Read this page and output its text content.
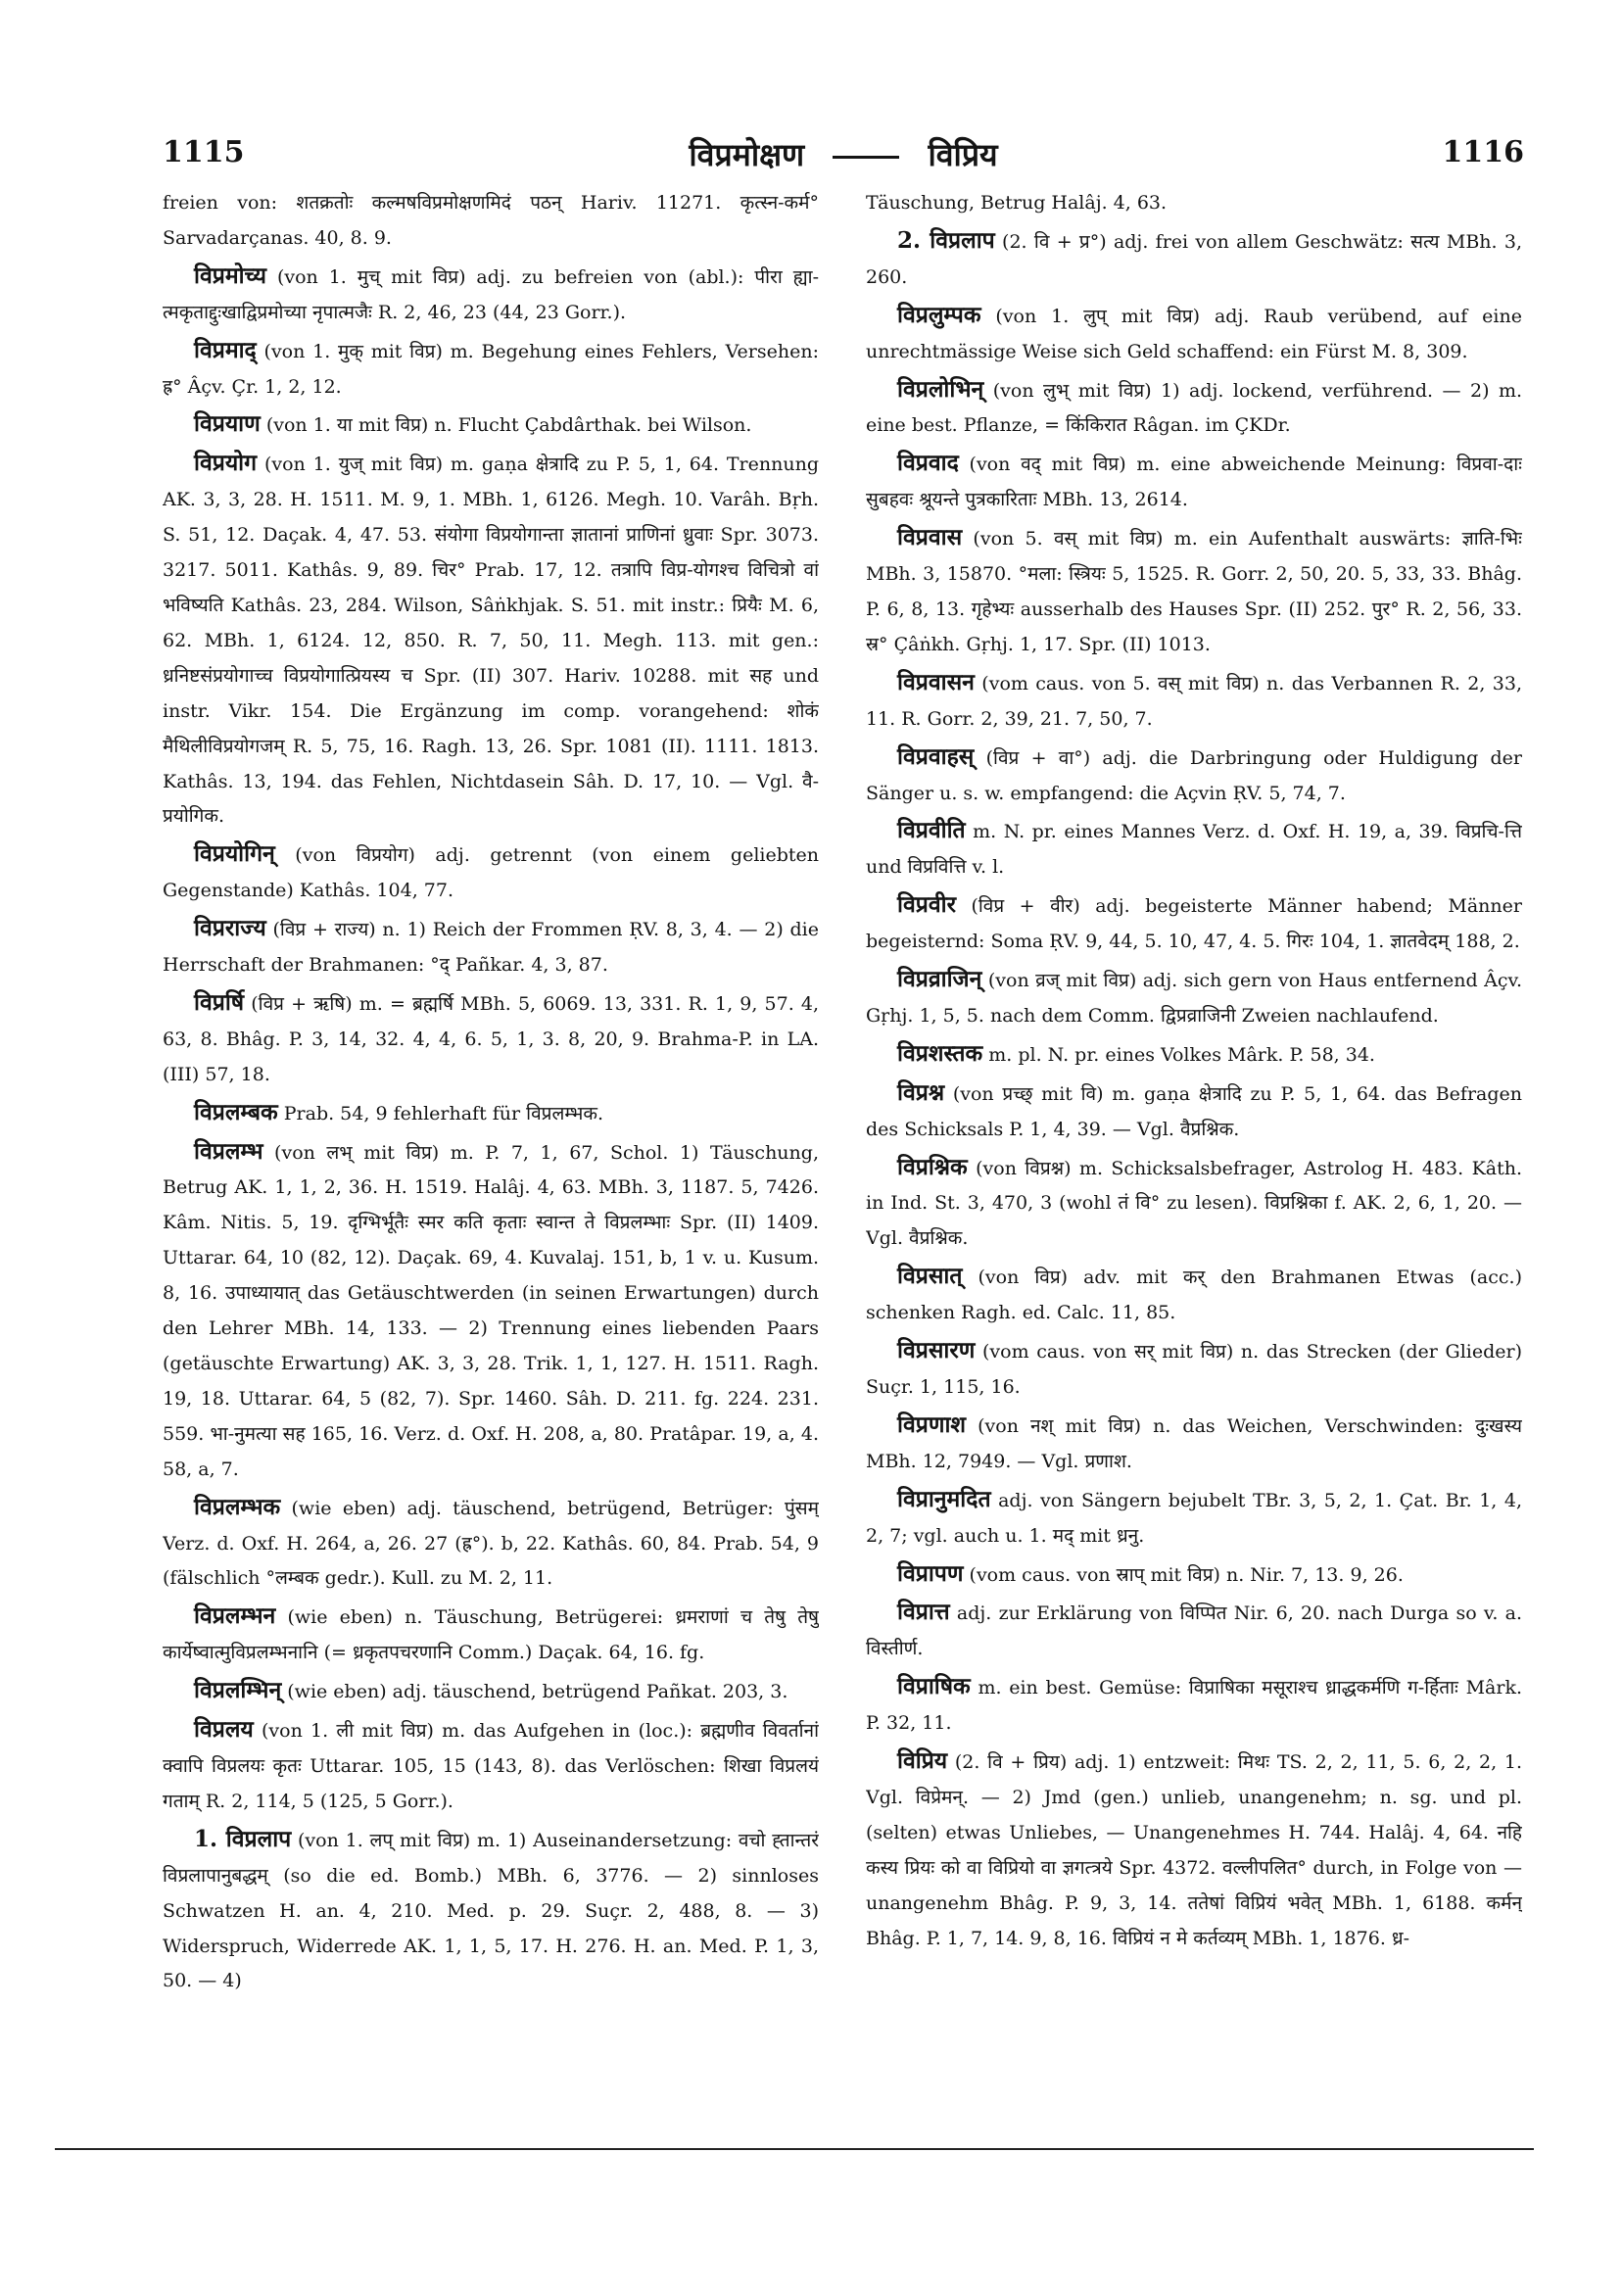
1115	विप्रमोक्षण	विप्रिय	1116

freien von: शतक्रतोः कल्मषविप्रमोक्षणमिदं पठन् Hariv. 11271. कृत्स्न-कर्म° Sarvadarçanas. 40, 8. 9.

विप्रमोच्य (von 1. मुच् mit विप्र) adj. zu befreien von (abl.): पीरा ह्या-त्मकृताद्दुःखाद्विप्रमोच्या नृपात्मजैः R. 2, 46, 23 (44, 23 Gorr.).

विप्रमाद् (von 1. मुक् mit विप्र) m. Begehung eines Fehlers, Versehen: ह्र° Âçv. Çr. 1, 2, 12.

विप्रयाण (von 1. या mit विप्र) n. Flucht Çabdârthak. bei Wilson.

विप्रयोग (von 1. युज् mit विप्र) m. gaṇa क्षेत्रादि zu P. 5, 1, 64. Trennung AK. 3, 3, 28. H. 1511. M. 9, 1. MBh. 1, 6126. Megh. 10. Varâh. Bṛh. S. 51, 12. Daçak. 4, 47. 53. संयोगा विप्रयोगान्ता ज्ञातानां प्राणिनां ध्रुवाः Spr. 3073. 3217. 5011. Kathâs. 9, 89. चिर° Prab. 17, 12. तत्रापि विप्र-योगश्च विचित्रो वां भविष्यति Kathâs. 23, 284. Wilson, Sâṅkhjak. S. 51. mit instr.: प्रियैः M. 6, 62. MBh. 1, 6124. 12, 850. R. 7, 50, 11. Megh. 113. mit gen.: ध्रनिष्टसंप्रयोगाच्च विप्रयोगात्प्रियस्य च Spr. (II) 307. Hariv. 10288. mit सह und instr. Vikr. 154. Die Ergänzung im comp. vorangehend: शोकं मैथिलीविप्रयोगजम् R. 5, 75, 16. Ragh. 13, 26. Spr. 1081 (II). 1111. 1813. Kathâs. 13, 194. das Fehlen, Nichtdasein Sâh. D. 17, 10. — Vgl. वै-प्रयोगिक.

विप्रयोगिन् (von विप्रयोग) adj. getrennt (von einem geliebten Gegenstande) Kathâs. 104, 77.

विप्रराज्य (विप्र + राज्य) n. 1) Reich der Frommen ṚV. 8, 3, 4. — 2) die Herrschaft der Brahmanen: °द् Pañkar. 4, 3, 87.

विप्रर्षि (विप्र + ऋषि) m. = ब्रह्मर्षि MBh. 5, 6069. 13, 331. R. 1, 9, 57. 4, 63, 8. Bhâg. P. 3, 14, 32. 4, 4, 6. 5, 1, 3. 8, 20, 9. Brahma-P. in LA. (III) 57, 18.

विप्रलम्बक Prab. 54, 9 fehlerhaft für विप्रलम्भक.

विप्रलम्भ (von लभ् mit विप्र) m. P. 7, 1, 67, Schol. 1) Täuschung, Betrug AK. 1, 1, 2, 36. H. 1519. Halâj. 4, 63. MBh. 3, 1187. 5, 7426. Kâm. Nitis. 5, 19. दृग्भिर्भूतैः स्मर कति कृताः स्वान्त ते विप्रलम्भाः Spr. (II) 1409. Uttarar. 64, 10 (82, 12). Daçak. 69, 4. Kuvalaj. 151, b, 1 v. u. Kusum. 8, 16. उपाध्यायात् das Getäuschtwerden (in seinen Erwartungen) durch den Lehrer MBh. 14, 133. — 2) Trennung eines liebenden Paars (getäuschte Erwartung) AK. 3, 3, 28. Trik. 1, 1, 127. H. 1511. Ragh. 19, 18. Uttarar. 64, 5 (82, 7). Spr. 1460. Sâh. D. 211. fg. 224. 231. 559. भा-नुमत्या सह 165, 16. Verz. d. Oxf. H. 208, a, 80. Pratâpar. 19, a, 4. 58, a, 7.

विप्रलम्भक (wie eben) adj. täuschend, betrügend, Betrüger: पुंसम् Verz. d. Oxf. H. 264, a, 26. 27 (ह्र°). b, 22. Kathâs. 60, 84. Prab. 54, 9 (fälschlich °लम्बक gedr.). Kull. zu M. 2, 11.

विप्रलम्भन (wie eben) n. Täuschung, Betrügerei: ध्रमराणां च तेषु तेषु कार्येष्वात्मुविप्रलम्भनानि (= ध्रकृतपचरणानि Comm.) Daçak. 64, 16. fg.

विप्रलम्भिन् (wie eben) adj. täuschend, betrügend Pañkat. 203, 3.

विप्रलय (von 1. ली mit विप्र) m. das Aufgehen in (loc.): ब्रह्मणीव विवर्तानां क्वापि विप्रलयः कृतः Uttarar. 105, 15 (143, 8). das Verlöschen: शिखा विप्रलयं गताम् R. 2, 114, 5 (125, 5 Gorr.).

1. विप्रलाप (von 1. लप् mit विप्र) m. 1) Auseinandersetzung: वचो ह्तान्तरं विप्रलापानुबद्धम् (so die ed. Bomb.) MBh. 6, 3776. — 2) sinnloses Schwatzen H. an. 4, 210. Med. p. 29. Suçr. 2, 488, 8. — 3) Widerspruch, Widerrede AK. 1, 1, 5, 17. H. 276. H. an. Med. P. 1, 3, 50. — 4)

Täuschung, Betrug Halâj. 4, 63.

2. विप्रलाप (2. वि + प्र°) adj. frei von allem Geschwätz: सत्य MBh. 3, 260.

विप्रलुम्पक (von 1. लुप् mit विप्र) adj. Raub verübend, auf eine unrechtmässige Weise sich Geld schaffend: ein Fürst M. 8, 309.

विप्रलोभिन् (von लुभ् mit विप्र) 1) adj. lockend, verführend. — 2) m. eine best. Pflanze, = किंकिरात Râgan. im ÇKDr.

विप्रवाद (von वद् mit विप्र) m. eine abweichende Meinung: विप्रवा-दाः सुबहवः श्रूयन्ते पुत्रकारिताः MBh. 13, 2614.

विप्रवास (von 5. वस् mit विप्र) m. ein Aufenthalt auswärts: ज्ञाति-भिः MBh. 3, 15870. °मला: स्त्रियः 5, 1525. R. Gorr. 2, 50, 20. 5, 33, 33. Bhâg. P. 6, 8, 13. गृहेभ्यः ausserhalb des Hauses Spr. (II) 252. पुर° R. 2, 56, 33. स्र° Çâṅkh. Gṛhj. 1, 17. Spr. (II) 1013.

विप्रवासन (vom caus. von 5. वस् mit विप्र) n. das Verbannen R. 2, 33, 11. R. Gorr. 2, 39, 21. 7, 50, 7.

विप्रवाहस् (विप्र + वा°) adj. die Darbringung oder Huldigung der Sänger u. s. w. empfangend: die Açvin ṚV. 5, 74, 7.

विप्रवीति m. N. pr. eines Mannes Verz. d. Oxf. H. 19, a, 39. विप्रचि-त्ति und विप्रवित्ति v. l.

विप्रवीर (विप्र + वीर) adj. begeisterte Männer habend; Männer begeisternd: Soma ṚV. 9, 44, 5. 10, 47, 4. 5. गिरः 104, 1. ज्ञातवेदम् 188, 2.

विप्रव्राजिन् (von व्रज् mit विप्र) adj. sich gern von Haus entfernend Âçv. Gṛhj. 1, 5, 5. nach dem Comm. द्विप्रव्राजिनी Zweien nachlaufend.

विप्रशस्तक m. pl. N. pr. eines Volkes Mârk. P. 58, 34.

विप्रश्न (von प्रच्छ् mit वि) m. gaṇa क्षेत्रादि zu P. 5, 1, 64. das Befragen des Schicksals P. 1, 4, 39. — Vgl. वैप्रश्निक.

विप्रश्निक (von विप्रश्न) m. Schicksalsbefrager, Astrolog H. 483. Kâth. in Ind. St. 3, 470, 3 (wohl तं वि° zu lesen). विप्रश्निका f. AK. 2, 6, 1, 20. — Vgl. वैप्रश्निक.

विप्रसात् (von विप्र) adv. mit कर् den Brahmanen Etwas (acc.) schenken Ragh. ed. Calc. 11, 85.

विप्रसारण (vom caus. von सर् mit विप्र) n. das Strecken (der Glieder) Suçr. 1, 115, 16.

विप्रणाश (von नश् mit विप्र) n. das Weichen, Verschwinden: दुःखस्य MBh. 12, 7949. — Vgl. प्रणाश.

विप्रानुमदित adj. von Sängern bejubelt TBr. 3, 5, 2, 1. Çat. Br. 1, 4, 2, 7; vgl. auch u. 1. मद् mit ध्रनु.

विप्रापण (vom caus. von स्राप् mit विप्र) n. Nir. 7, 13. 9, 26.

विप्रात्त adj. zur Erklärung von विप्पित Nir. 6, 20. nach Durga so v. a. विस्तीर्ण.

विप्राषिक m. ein best. Gemüse: विप्राषिका मसूराश्च ध्राद्धकर्मणि ग-र्हिताः Mârk. P. 32, 11.

विप्रिय (2. वि + प्रिय) adj. 1) entzweit: मिथः TS. 2, 2, 11, 5. 6, 2, 2, 1. Vgl. विप्रेमन्. — 2) Jmd (gen.) unlieb, unangenehm; n. sg. und pl. (selten) etwas Unliebes, — Unangenehmes H. 744. Halâj. 4, 64. नहि कस्य प्रियः को वा विप्रियो वा ज्ञगत्त्रये Spr. 4372. वल्लीपलित° durch, in Folge von — unangenehm Bhâg. P. 9, 3, 14. ततेषां विप्रियं भवेत् MBh. 1, 6188. कर्मन् Bhâg. P. 1, 7, 14. 9, 8, 16. विप्रियं न मे कर्तव्यम् MBh. 1, 1876. ध्र-
